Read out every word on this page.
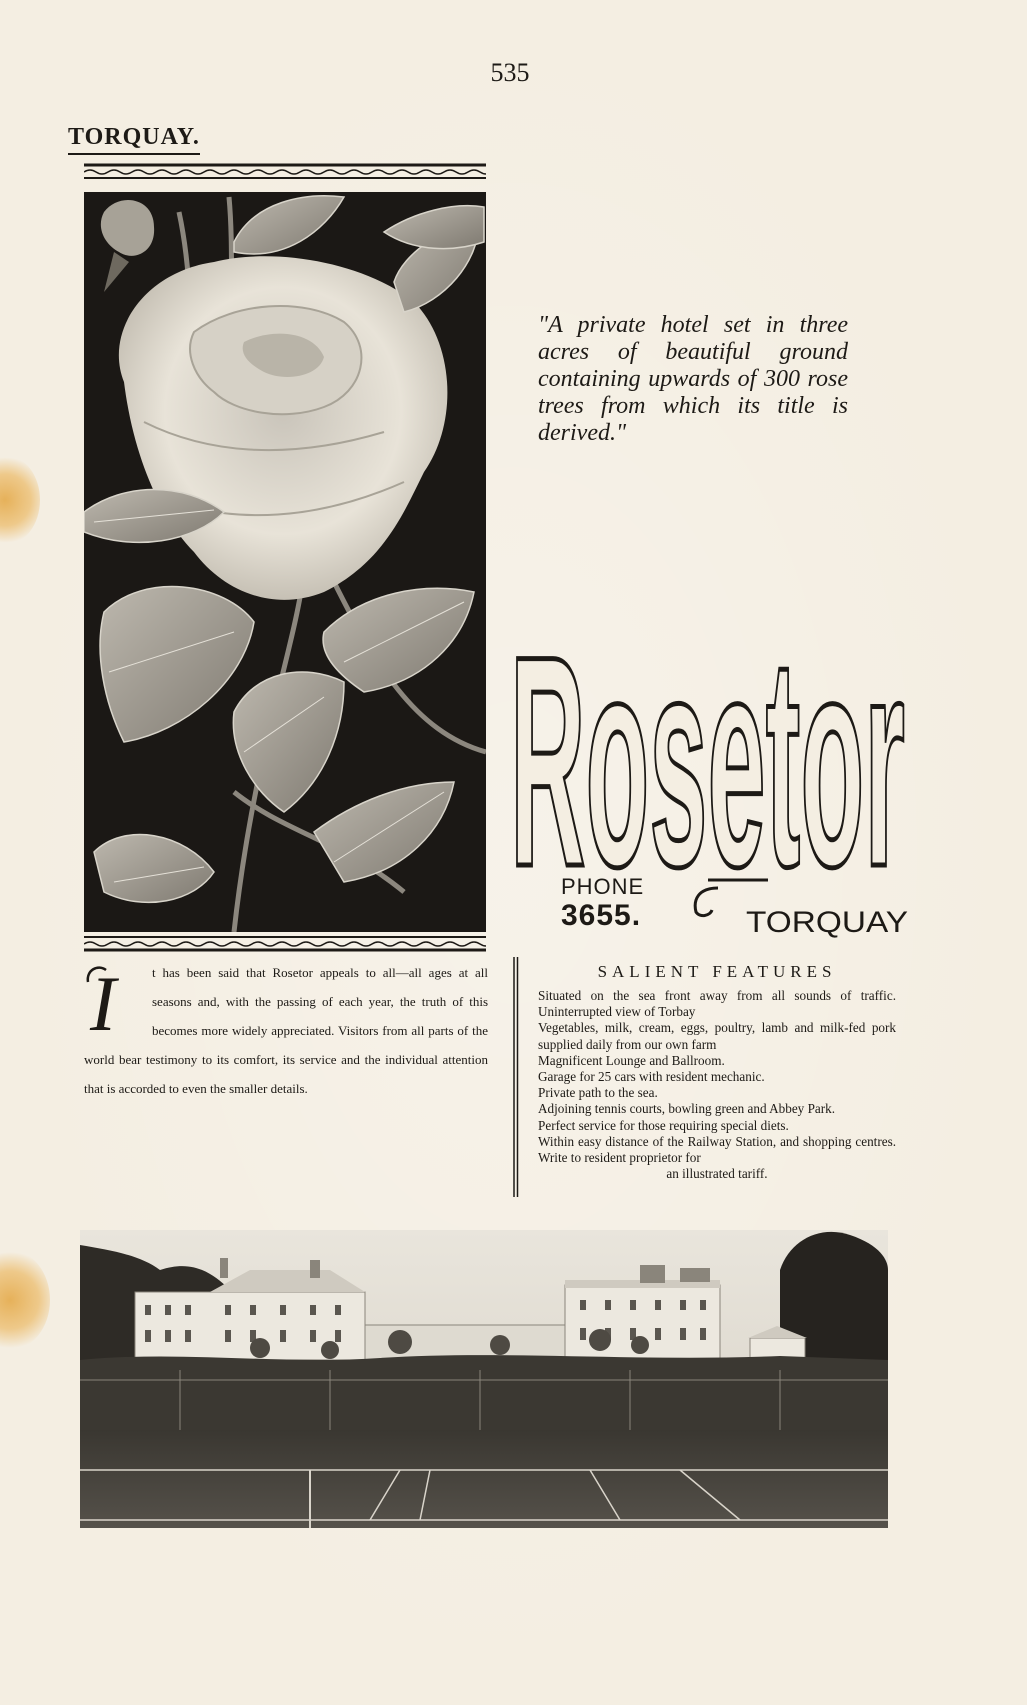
535
TORQUAY.
"A private hotel set in three acres of beautiful ground containing upwards of 300 rose trees from which its title is derived."
Rosetor
PHONE
3655.	TORQUAY
I	t has been said that Rosetor appeals to all—all ages at all seasons and, with the passing of each year, the truth of this becomes more widely appreciated. Visitors from all parts of the world bear testimony to its comfort, its service and the individual attention that is accorded to even the smaller details.
SALIENT FEATURES
Situated on the sea front away from all sounds of traffic. Uninterrupted view of Torbay
Vegetables, milk, cream, eggs, poultry, lamb and milk-fed pork supplied daily from our own farm
Magnificent Lounge and Ballroom.
Garage for 25 cars with resident mechanic.
Private path to the sea.
Adjoining tennis courts, bowling green and Abbey Park.
Perfect service for those requiring special diets.
Within easy distance of the Railway Station, and shopping centres. Write to resident proprietor for
an illustrated tariff.
